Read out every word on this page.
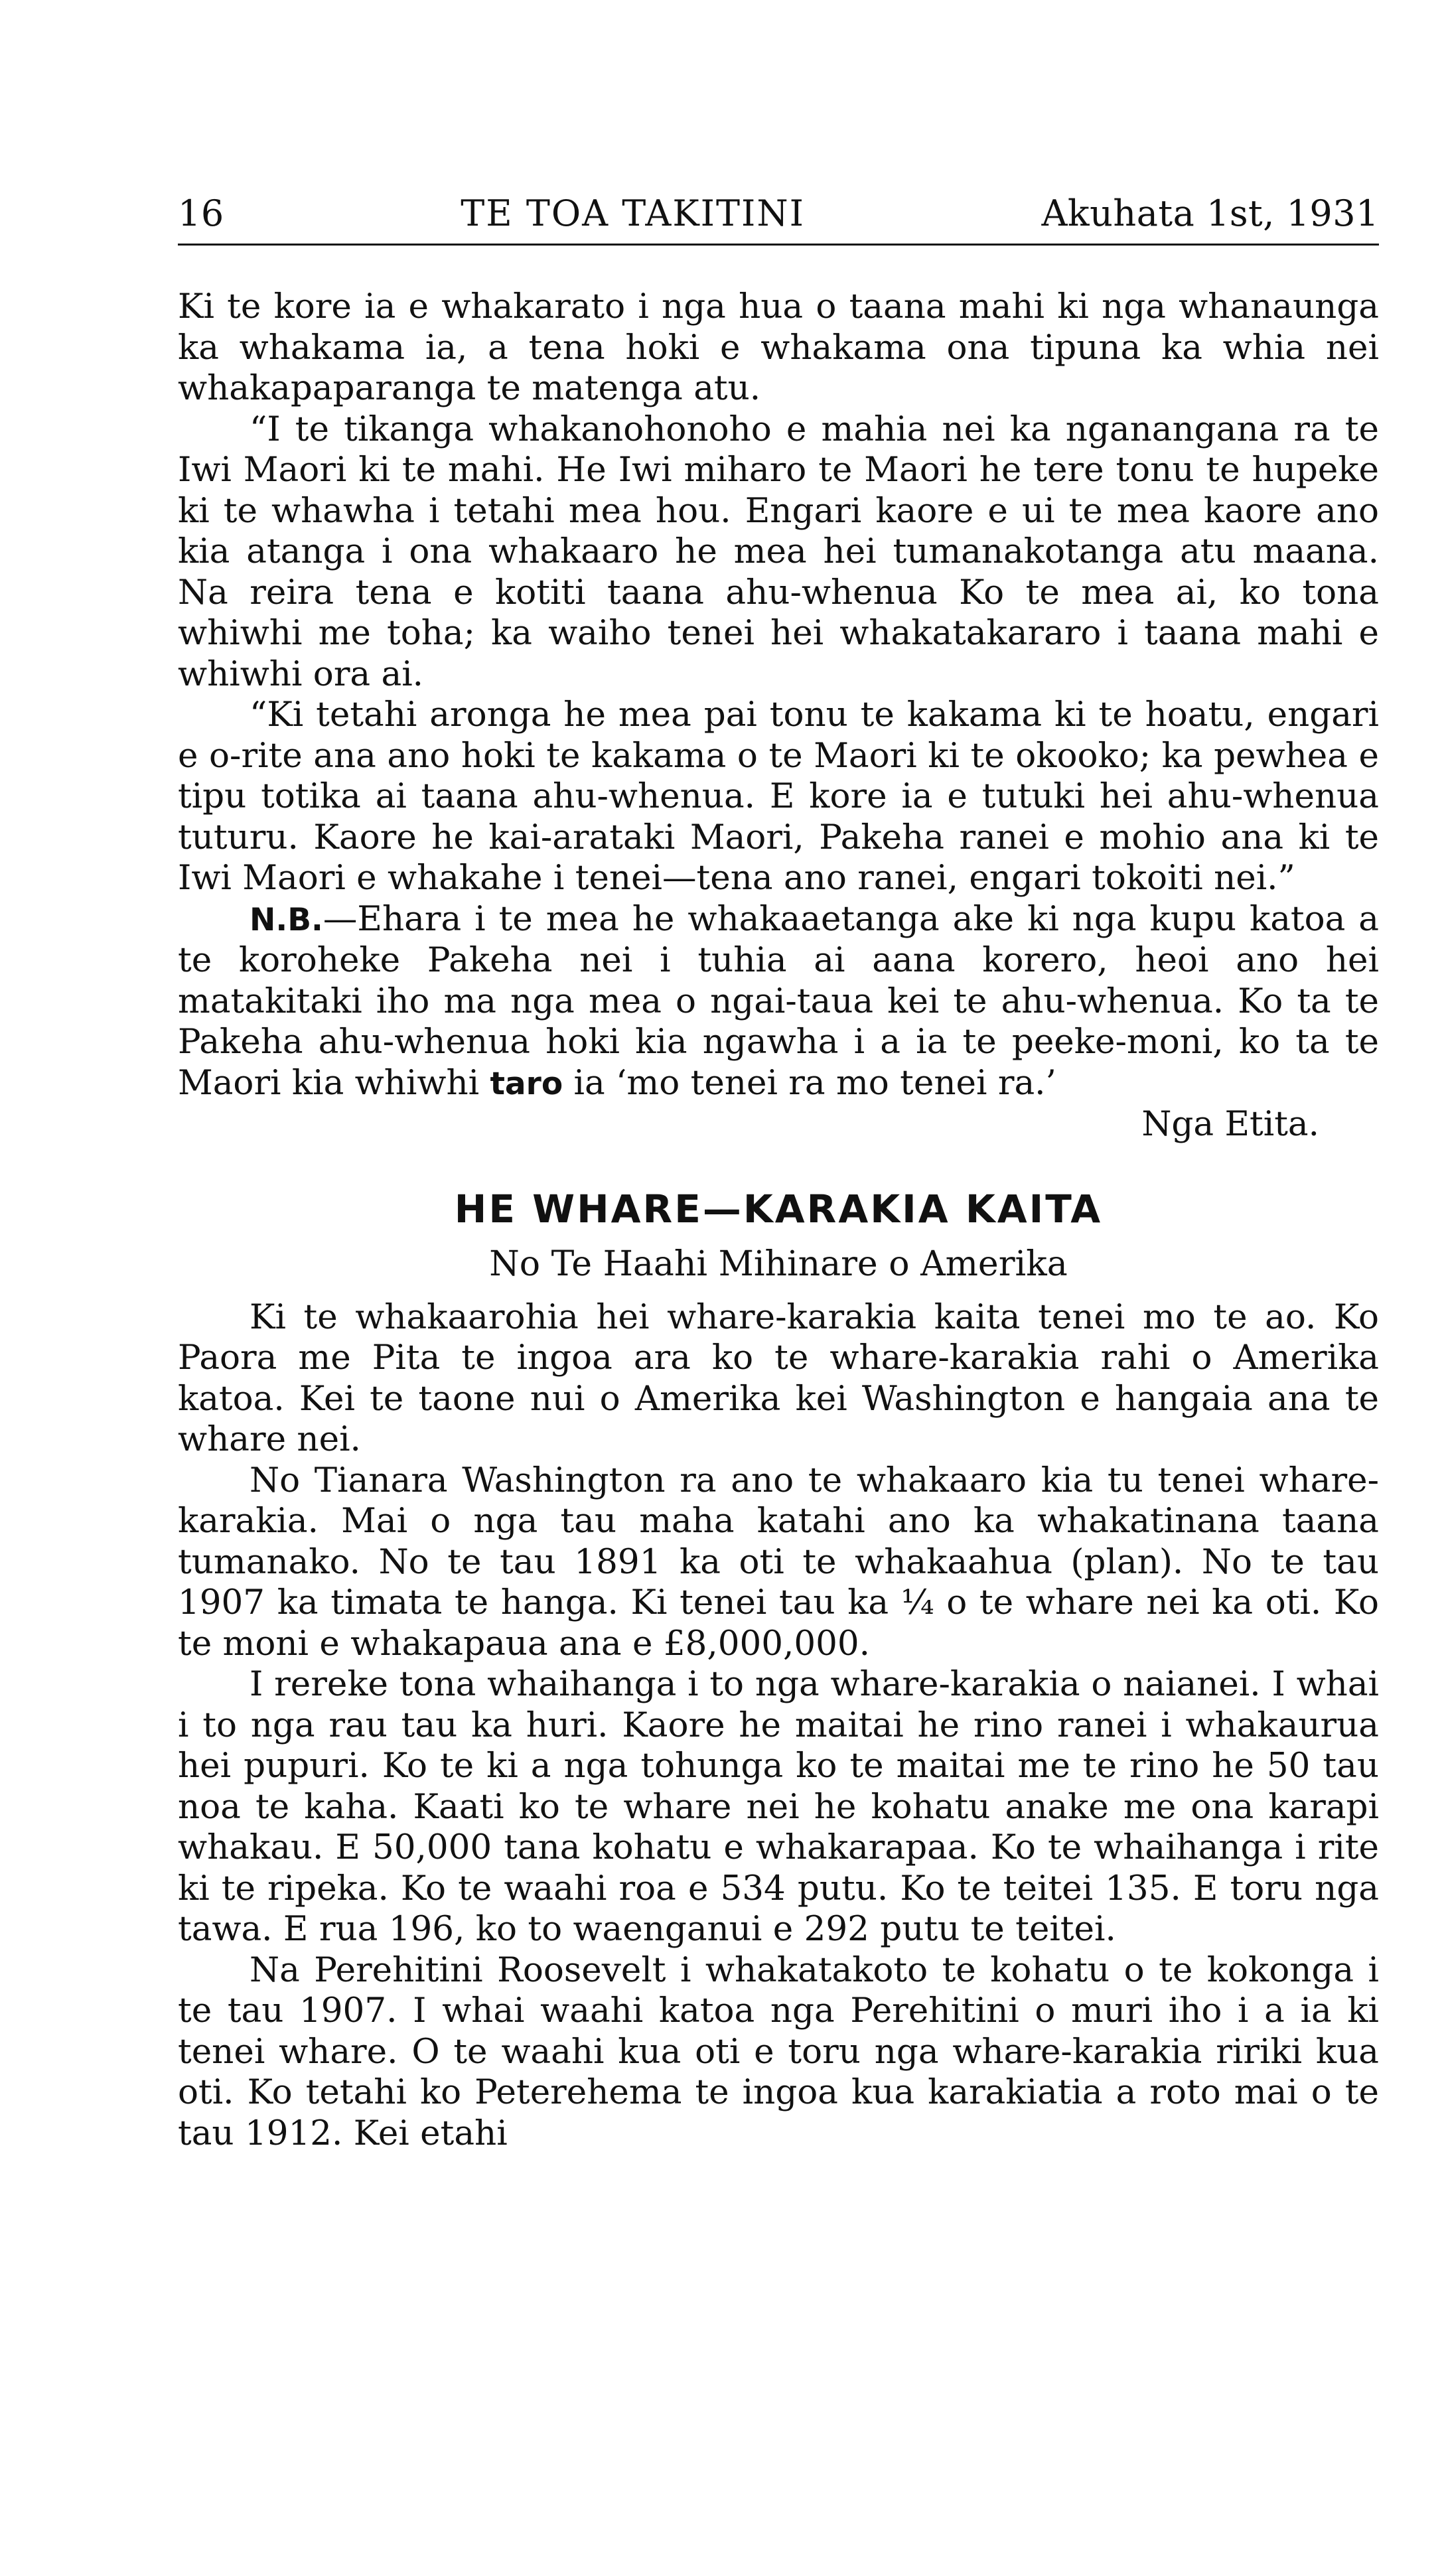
16	TE TOA TAKITINI	Akuhata 1st, 1931

Ki te kore ia e whakarato i nga hua o taana mahi ki nga whanaunga ka whakama ia, a tena hoki e whakama ona tipuna ka whia nei whakapaparanga te matenga atu.

“I te tikanga whakanohonoho e mahia nei ka nganangana ra te Iwi Maori ki te mahi. He Iwi miharo te Maori he tere tonu te hupeke ki te whawha i tetahi mea hou. Engari kaore e ui te mea kaore ano kia atanga i ona whakaaro he mea hei tumanakotanga atu maana. Na reira tena e kotiti taana ahu-whenua Ko te mea ai, ko tona whiwhi me toha; ka waiho tenei hei whakatakararo i taana mahi e whiwhi ora ai.

“Ki tetahi aronga he mea pai tonu te kakama ki te hoatu, engari e o-rite ana ano hoki te kakama o te Maori ki te okooko; ka pewhea e tipu totika ai taana ahu-whenua. E kore ia e tutuki hei ahu-whenua tuturu. Kaore he kai-arataki Maori, Pakeha ranei e mohio ana ki te Iwi Maori e whakahe i tenei—tena ano ranei, engari tokoiti nei.”

N.B.—Ehara i te mea he whakaaetanga ake ki nga kupu katoa a te koroheke Pakeha nei i tuhia ai aana korero, heoi ano hei matakitaki iho ma nga mea o ngai-taua kei te ahu-whenua. Ko ta te Pakeha ahu-whenua hoki kia ngawha i a ia te peeke-moni, ko ta te Maori kia whiwhi taro ia ‘mo tenei ra mo tenei ra.’

Nga Etita.

HE WHARE—KARAKIA KAITA
No Te Haahi Mihinare o Amerika

Ki te whakaarohia hei whare-karakia kaita tenei mo te ao. Ko Paora me Pita te ingoa ara ko te whare-karakia rahi o Amerika katoa. Kei te taone nui o Amerika kei Washington e hangaia ana te whare nei.

No Tianara Washington ra ano te whakaaro kia tu tenei whare-karakia. Mai o nga tau maha katahi ano ka whakatinana taana tumanako. No te tau 1891 ka oti te whakaahua (plan). No te tau 1907 ka timata te hanga. Ki tenei tau ka ¼ o te whare nei ka oti. Ko te moni e whakapaua ana e £8,000,000.

I rereke tona whaihanga i to nga whare-karakia o naianei. I whai i to nga rau tau ka huri. Kaore he maitai he rino ranei i whakaurua hei pupuri. Ko te ki a nga tohunga ko te maitai me te rino he 50 tau noa te kaha. Kaati ko te whare nei he kohatu anake me ona karapi whakau. E 50,000 tana kohatu e whakarapaa. Ko te whaihanga i rite ki te ripeka. Ko te waahi roa e 534 putu. Ko te teitei 135. E toru nga tawa. E rua 196, ko to waenganui e 292 putu te teitei.

Na Perehitini Roosevelt i whakatakoto te kohatu o te kokonga i te tau 1907. I whai waahi katoa nga Perehitini o muri iho i a ia ki tenei whare. O te waahi kua oti e toru nga whare-karakia ririki kua oti. Ko tetahi ko Peterehema te ingoa kua karakiatia a roto mai o te tau 1912. Kei etahi
